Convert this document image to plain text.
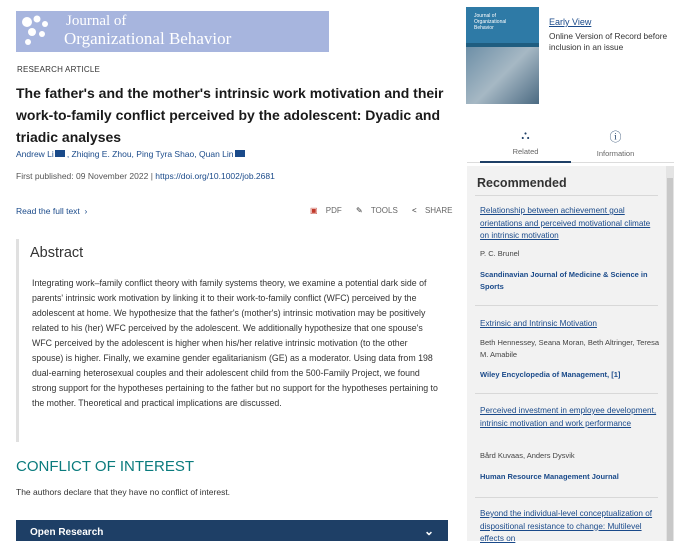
Journal of
Organizational Behavior
RESEARCH ARTICLE
The father's and the mother's intrinsic work motivation and their work-to-family conflict perceived by the adolescent: Dyadic and triadic analyses
Andrew Li , Zhiqing E. Zhou, Ping Tyra Shao, Quan Lin
First published: 09 November 2022 | https://doi.org/10.1002/job.2681
Read the full text  ›	▣ PDF ✎ TOOLS < SHARE
Abstract
Integrating work–family conflict theory with family systems theory, we examine a potential dark side of parents' intrinsic work motivation by linking it to their work-to-family conflict (WFC) perceived by the adolescent at home. We hypothesize that the father's (mother's) intrinsic motivation may be positively related to his (her) WFC perceived by the adolescent. We additionally hypothesize that one spouse's WFC perceived by the adolescent is higher when his/her relative intrinsic motivation (to the other spouse) is higher. Finally, we examine gender egalitarianism (GE) as a moderator. Using data from 198 dual-earning heterosexual couples and their adolescent child from the 500-Family Project, we found strong support for the hypotheses pertaining to the father but no support for the hypotheses pertaining to the mother. Theoretical and practical implications are discussed.
CONFLICT OF INTEREST
The authors declare that they have no conflict of interest.
Open Research	⌄
Journal of Organizational Behavior
Early View
Online Version of Record before inclusion in an issue
⛬
Related
ⓘ
Information
Recommended
Relationship between achievement goal orientations and perceived motivational climate on intrinsic motivation
P. C. Brunel
Scandinavian Journal of Medicine & Science in Sports
Extrinsic and Intrinsic Motivation
Beth Hennessey, Seana Moran, Beth Altringer, Teresa M. Amabile
Wiley Encyclopedia of Management, [1]
Perceived investment in employee development, intrinsic motivation and work performance
Bård Kuvaas, Anders Dysvik
Human Resource Management Journal
Beyond the individual-level conceptualization of dispositional resistance to change: Multilevel effects on
